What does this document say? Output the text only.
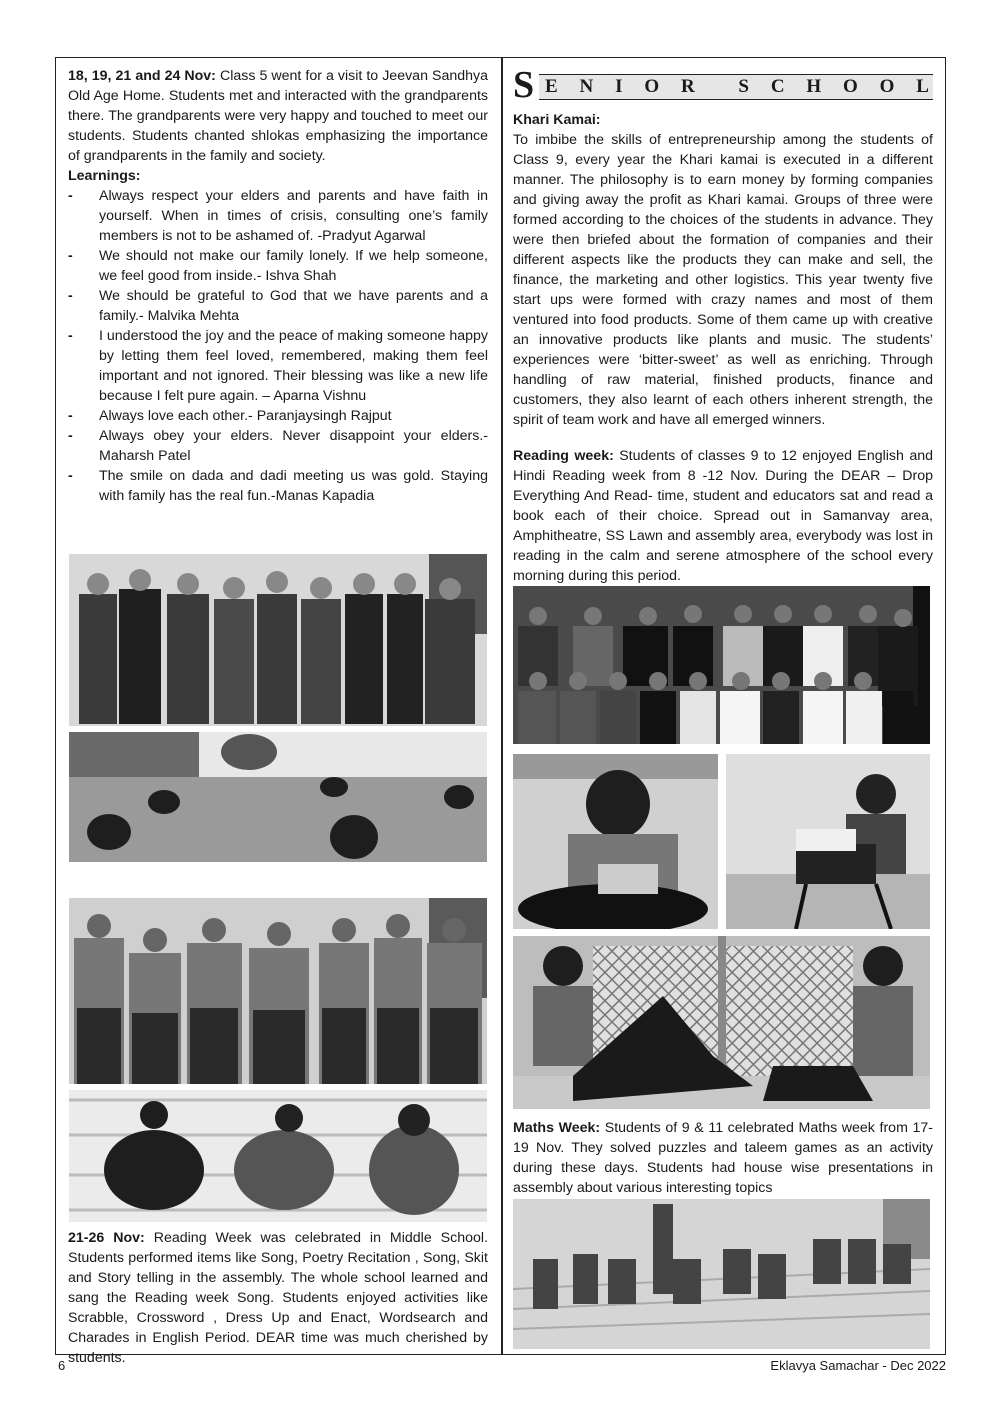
18, 19, 21 and 24 Nov: Class 5 went for a visit to Jeevan Sandhya Old Age Home. Students met and interacted with the grandparents there. The grandparents were very happy and touched to meet our students. Students chanted shlokas emphasizing the importance of grandparents in the family and society.

Learnings:
- Always respect your elders and parents and have faith in yourself. When in times of crisis, consulting one’s family members is not to be ashamed of. -Pradyut Agarwal
- We should not make our family lonely. If we help someone, we feel good from inside.- Ishva Shah
- We should be grateful to God that we have parents and a family.- Malvika Mehta
- I understood the joy and the peace of making someone happy by letting them feel loved, remembered, making them feel important and not ignored. Their blessing was like a new life because I felt pure again. – Aparna Vishnu
- Always love each other.- Paranjaysingh Rajput
- Always obey your elders. Never disappoint your elders.- Maharsh Patel
- The smile on dada and dadi meeting us was gold. Staying with family has the real fun.-Manas Kapadia
21-26 Nov: Reading Week was celebrated in Middle School. Students performed items like Song, Poetry Recitation , Song, Skit and Story telling in the assembly. The whole school learned and sang the Reading week Song. Students enjoyed activities like Scrabble, Crossword , Dress Up and Enact, Wordsearch and Charades in English Period. DEAR time was much cherished by students.
S E N I O R S C H O O L
Khari Kamai:
To imbibe the skills of entrepreneurship among the students of Class 9, every year the Khari kamai is executed in a different manner. The philosophy is to earn money by forming companies and giving away the profit as Khari kamai. Groups of three were formed according to the choices of the students in advance. They were then briefed about the formation of companies and their different aspects like the products they can make and sell, the finance, the marketing and other logistics. This year twenty five start ups were formed with crazy names and most of them ventured into food products. Some of them came up with creative an innovative products like plants and music. The students’ experiences were ‘bitter-sweet’ as well as enriching. Through handling of raw material, finished products, finance and customers, they also learnt of each others inherent strength, the spirit of team work and have all emerged winners.
Reading week: Students of classes 9 to 12 enjoyed English and Hindi Reading week from 8 -12 Nov. During the DEAR – Drop Everything And Read- time, student and educators sat and read a book each of their choice. Spread out in Samanvay area, Amphitheatre, SS Lawn and assembly area, everybody was lost in reading in the calm and serene atmosphere of the school every morning during this period.
Maths Week: Students of 9 & 11 celebrated Maths week from 17-19 Nov. They solved puzzles and taleem games as an activity during these days. Students had house wise presentations in assembly about various interesting topics
6	Eklavya Samachar - Dec 2022
